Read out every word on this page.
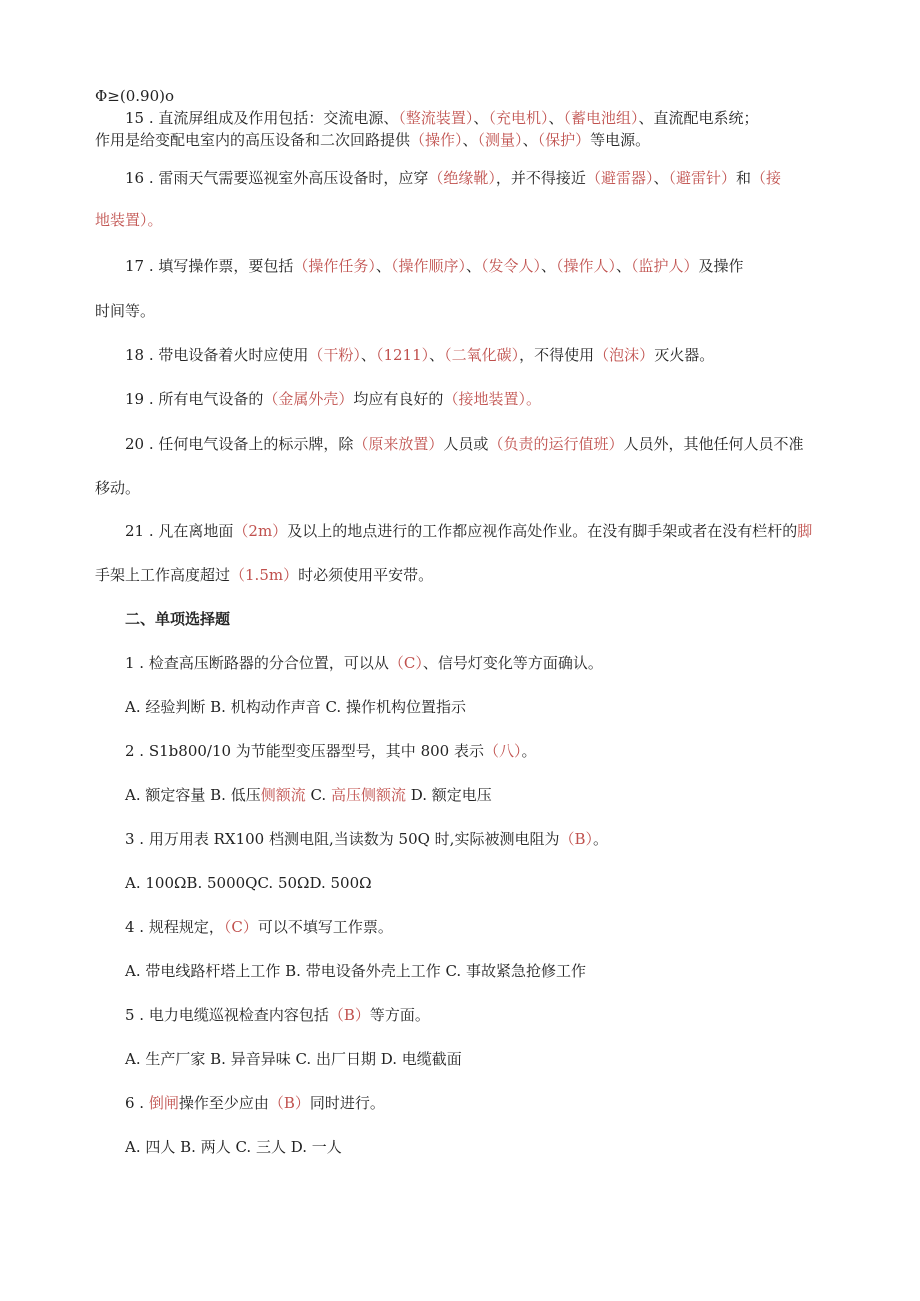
Φ≥(0.90)o
15 . 直流屏组成及作用包括：交流电源、（整流装置）、（充电机）、（蓄电池组）、直流配电系统；
作用是给变配电室内的高压设备和二次回路提供（操作）、（测量）、（保护）等电源。
16 . 雷雨天气需要巡视室外高压设备时，应穿（绝缘靴），并不得接近（避雷器）、（避雷针）和（接
地装置）。
17 . 填写操作票，要包括（操作任务）、（操作顺序）、（发令人）、（操作人）、（监护人）及操作
时间等。
18 . 带电设备着火时应使用（干粉）、（1211）、（二氧化碳），不得使用（泡沫）灭火器。
19 . 所有电气设备的（金属外壳）均应有良好的（接地装置）。
20 . 任何电气设备上的标示牌，除（原来放置）人员或（负责的运行值班）人员外，其他任何人员不准
移动。
21 . 凡在离地面（2m）及以上的地点进行的工作都应视作高处作业。在没有脚手架或者在没有栏杆的脚
手架上工作高度超过（1.5m）时必须使用平安带。
二、单项选择题
1 . 检查高压断路器的分合位置，可以从（C）、信号灯变化等方面确认。
A. 经验判断 B. 机构动作声音 C. 操作机构位置指示
2 . S1b800/10 为节能型变压器型号，其中 800 表示（八）。
A. 额定容量 B. 低压侧额流 C. 高压侧额流 D. 额定电压
3 . 用万用表 RX100 档测电阻,当读数为 50Q 时,实际被测电阻为（B）。
A. 100ΩB. 5000QC. 50ΩD. 500Ω
4 . 规程规定，（C）可以不填写工作票。
A. 带电线路杆塔上工作 B. 带电设备外壳上工作 C. 事故紧急抢修工作
5 . 电力电缆巡视检查内容包括（B）等方面。
A. 生产厂家 B. 异音异味 C. 出厂日期 D. 电缆截面
6 . 倒闸操作至少应由（B）同时进行。
A. 四人 B. 两人 C. 三人 D. 一人
